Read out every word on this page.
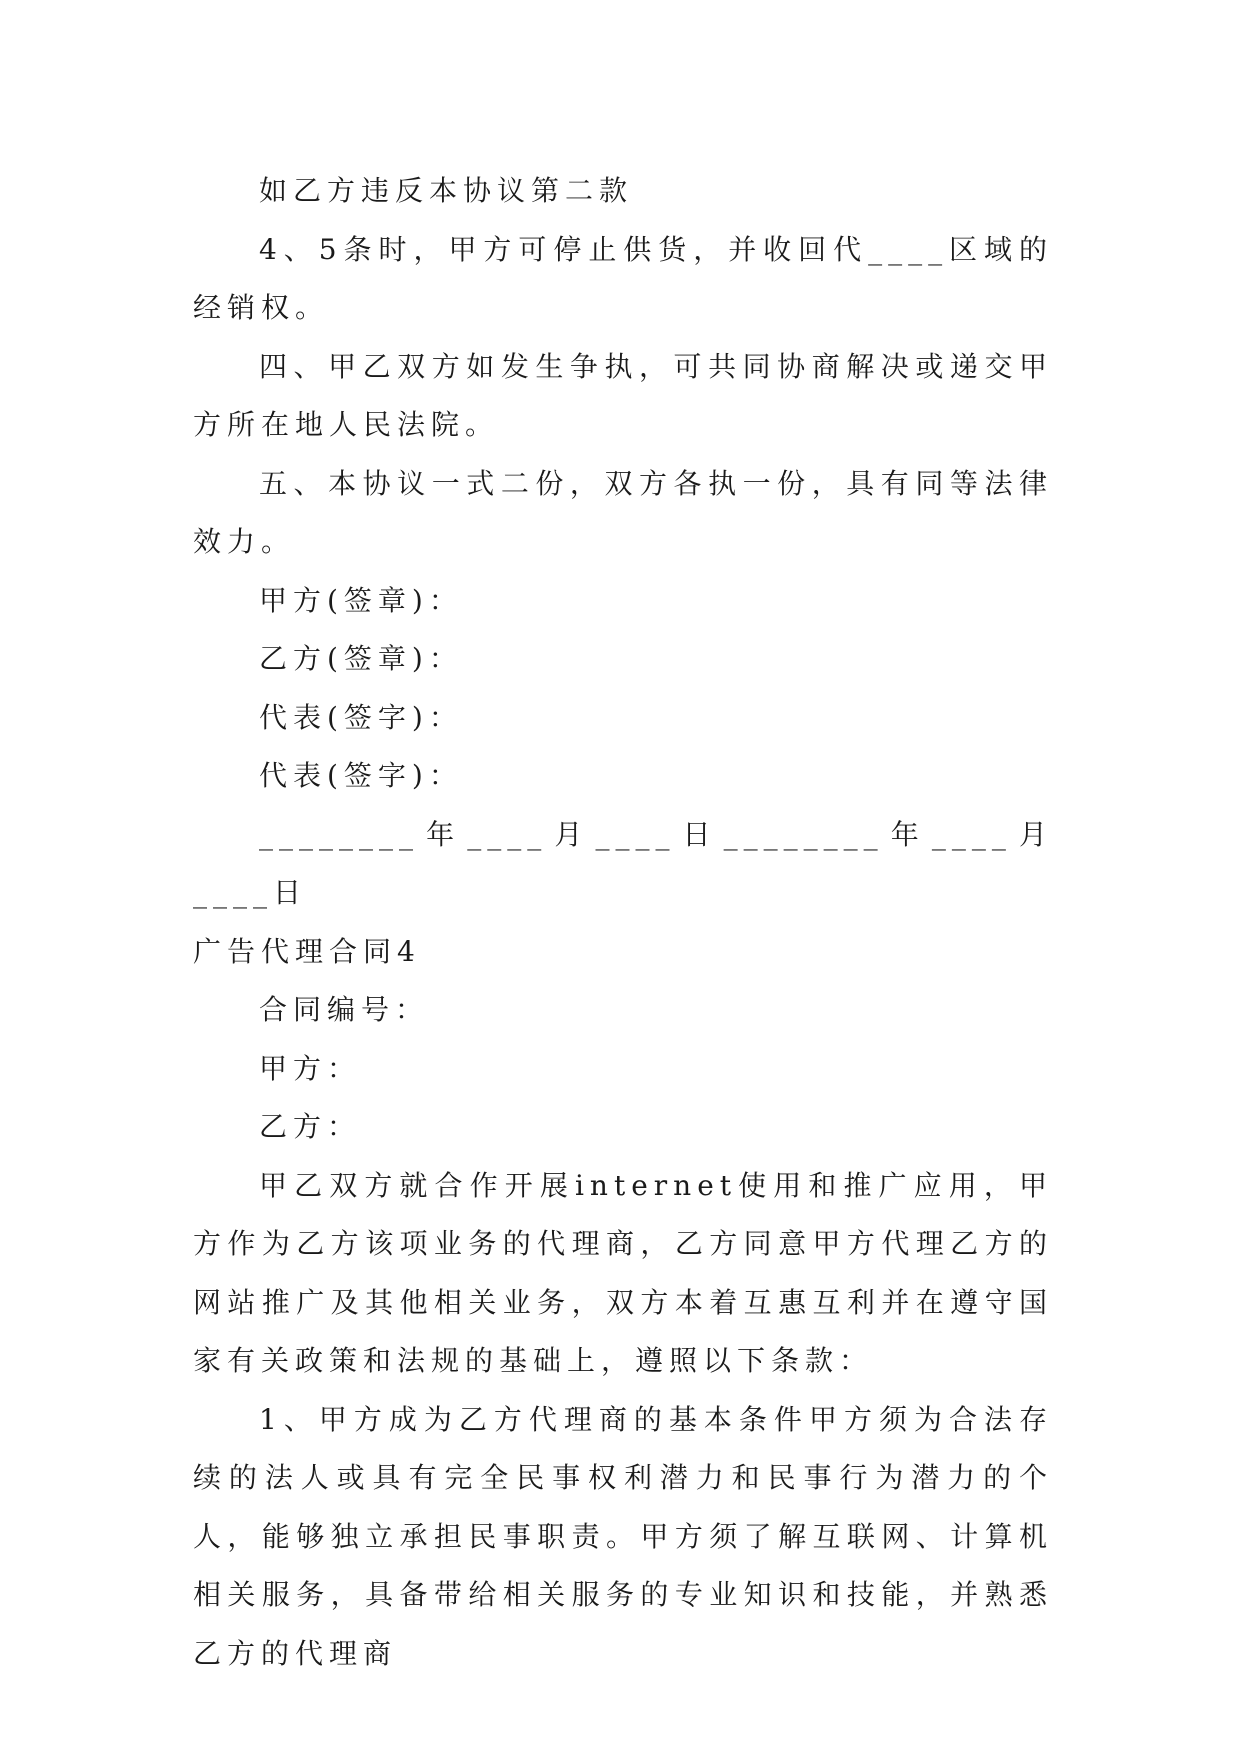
如乙方违反本协议第二款

4、5条时，甲方可停止供货，并收回代____区域的经销权。

四、甲乙双方如发生争执，可共同协商解决或递交甲方所在地人民法院。

五、本协议一式二份，双方各执一份，具有同等法律效力。

甲方(签章)：

乙方(签章)：

代表(签字)：

代表(签字)：

________年____月____日________年____月____日

广告代理合同4

合同编号：

甲方：

乙方：

甲乙双方就合作开展internet使用和推广应用，甲方作为乙方该项业务的代理商，乙方同意甲方代理乙方的网站推广及其他相关业务，双方本着互惠互利并在遵守国家有关政策和法规的基础上，遵照以下条款：

1、甲方成为乙方代理商的基本条件甲方须为合法存续的法人或具有完全民事权利潜力和民事行为潜力的个人，能够独立承担民事职责。甲方须了解互联网、计算机相关服务，具备带给相关服务的专业知识和技能，并熟悉乙方的代理商
